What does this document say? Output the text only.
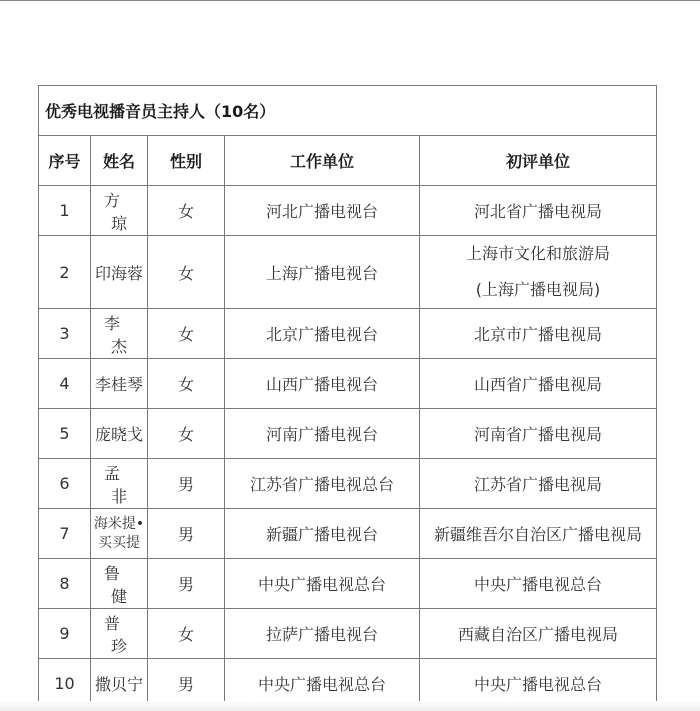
优秀电视播音员主持人（10名）				
序号	姓名	性别	工作单位	初评单位
1	方琼	女	河北广播电视台	河北省广播电视局
2	印海蓉	女	上海广播电视台	上海市文化和旅游局
(上海广播电视局)

3	李杰	女	北京广播电视台	北京市广播电视局
4	李桂琴	女	山西广播电视台	山西省广播电视局
5	庞晓戈	女	河南广播电视台	河南省广播电视局
6	孟非	男	江苏省广播电视总台	江苏省广播电视局
7	海米提•
买买提	男	新疆广播电视台	新疆维吾尔自治区广播电视局
8	鲁健	男	中央广播电视总台	中央广播电视总台
9	普珍	女	拉萨广播电视台	西藏自治区广播电视局
10	撒贝宁	男	中央广播电视总台	中央广播电视总台
